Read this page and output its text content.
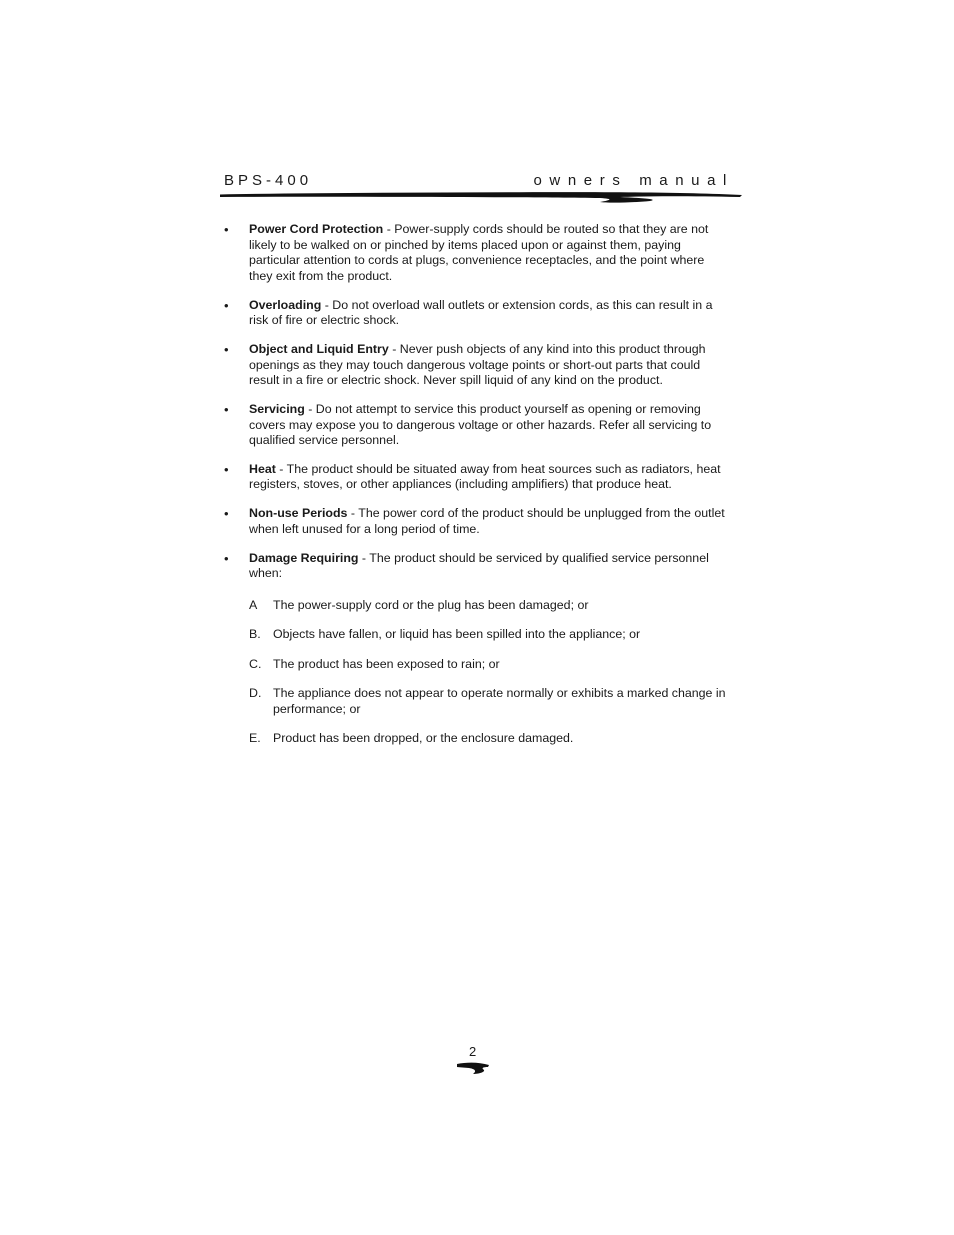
BPS-400	owners manual
• Power Cord Protection - Power-supply cords should be routed so that they are not likely to be walked on or pinched by items placed upon or against them, paying particular attention to cords at plugs, convenience receptacles, and the point where they exit from the product.
• Overloading - Do not overload wall outlets or extension cords, as this can result in a risk of fire or electric shock.
• Object and Liquid Entry - Never push objects of any kind into this product through openings as they may touch dangerous voltage points or short-out parts that could result in a fire or electric shock. Never spill liquid of any kind on the product.
• Servicing - Do not attempt to service this product yourself as opening or removing covers may expose you to dangerous voltage or other hazards. Refer all servicing to qualified service personnel.
• Heat - The product should be situated away from heat sources such as radiators, heat registers, stoves, or other appliances (including amplifiers) that produce heat.
• Non-use Periods - The power cord of the product should be unplugged from the outlet when left unused for a long period of time.
• Damage Requiring - The product should be serviced by qualified service personnel when:
A The power-supply cord or the plug has been damaged; or
B. Objects have fallen, or liquid has been spilled into the appliance; or
C. The product has been exposed to rain; or
D. The appliance does not appear to operate normally or exhibits a marked change in performance; or
E. Product has been dropped, or the enclosure damaged.
2
